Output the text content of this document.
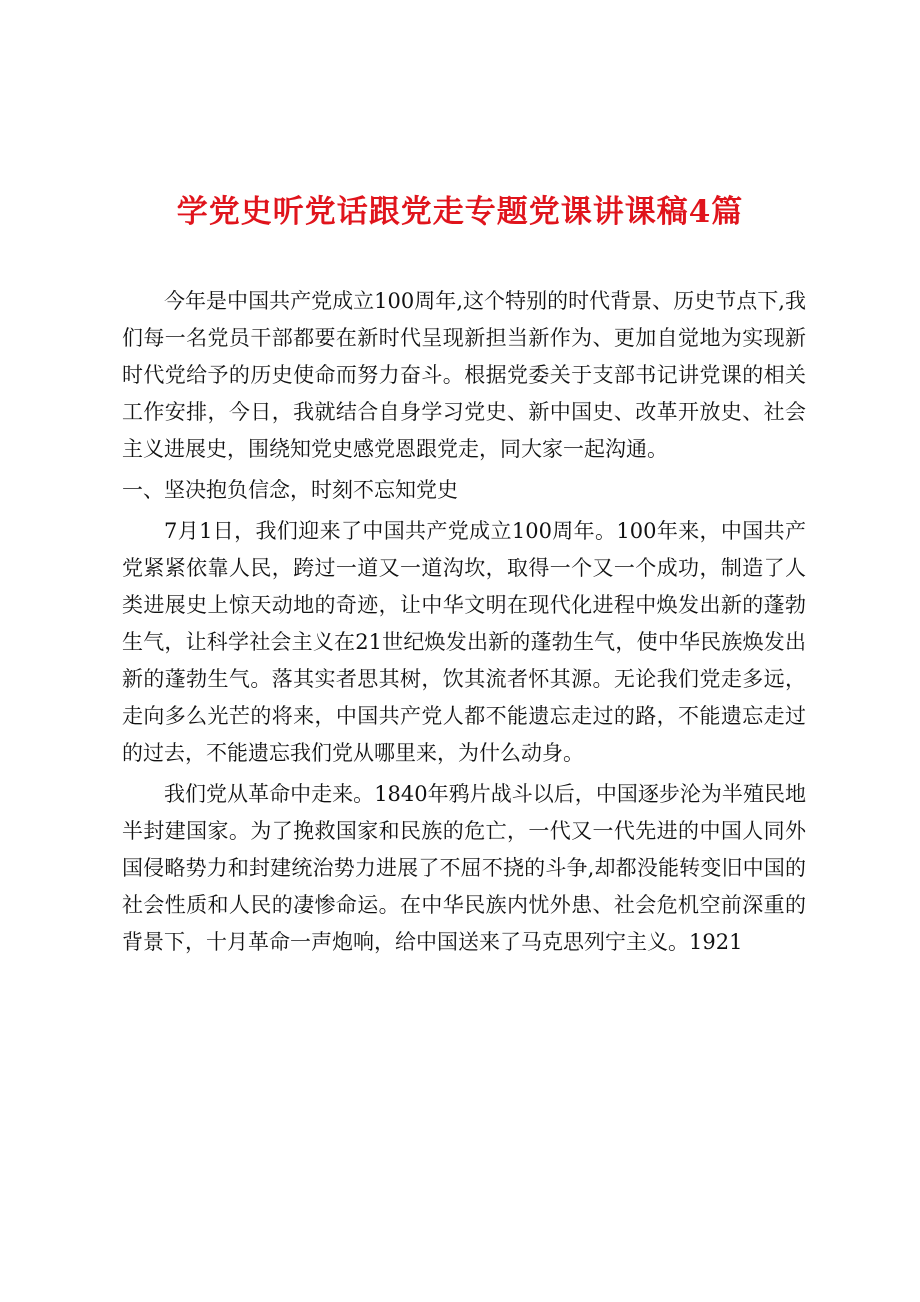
学党史听党话跟党走专题党课讲课稿4篇

今年是中国共产党成立100周年,这个特别的时代背景、历史节点下,我们每一名党员干部都要在新时代呈现新担当新作为、更加自觉地为实现新时代党给予的历史使命而努力奋斗。根据党委关于支部书记讲党课的相关工作安排，今日，我就结合自身学习党史、新中国史、改革开放史、社会主义进展史，围绕知党史感党恩跟党走，同大家一起沟通。

一、坚决抱负信念，时刻不忘知党史

7月1日，我们迎来了中国共产党成立100周年。100年来，中国共产党紧紧依靠人民，跨过一道又一道沟坎，取得一个又一个成功，制造了人类进展史上惊天动地的奇迹，让中华文明在现代化进程中焕发出新的蓬勃生气，让科学社会主义在21世纪焕发出新的蓬勃生气，使中华民族焕发出新的蓬勃生气。落其实者思其树，饮其流者怀其源。无论我们党走多远，走向多么光芒的将来，中国共产党人都不能遗忘走过的路，不能遗忘走过的过去，不能遗忘我们党从哪里来，为什么动身。

我们党从革命中走来。1840年鸦片战斗以后，中国逐步沦为半殖民地半封建国家。为了挽救国家和民族的危亡，一代又一代先进的中国人同外国侵略势力和封建统治势力进展了不屈不挠的斗争,却都没能转变旧中国的社会性质和人民的凄惨命运。在中华民族内忧外患、社会危机空前深重的背景下，十月革命一声炮响，给中国送来了马克思列宁主义。1921
